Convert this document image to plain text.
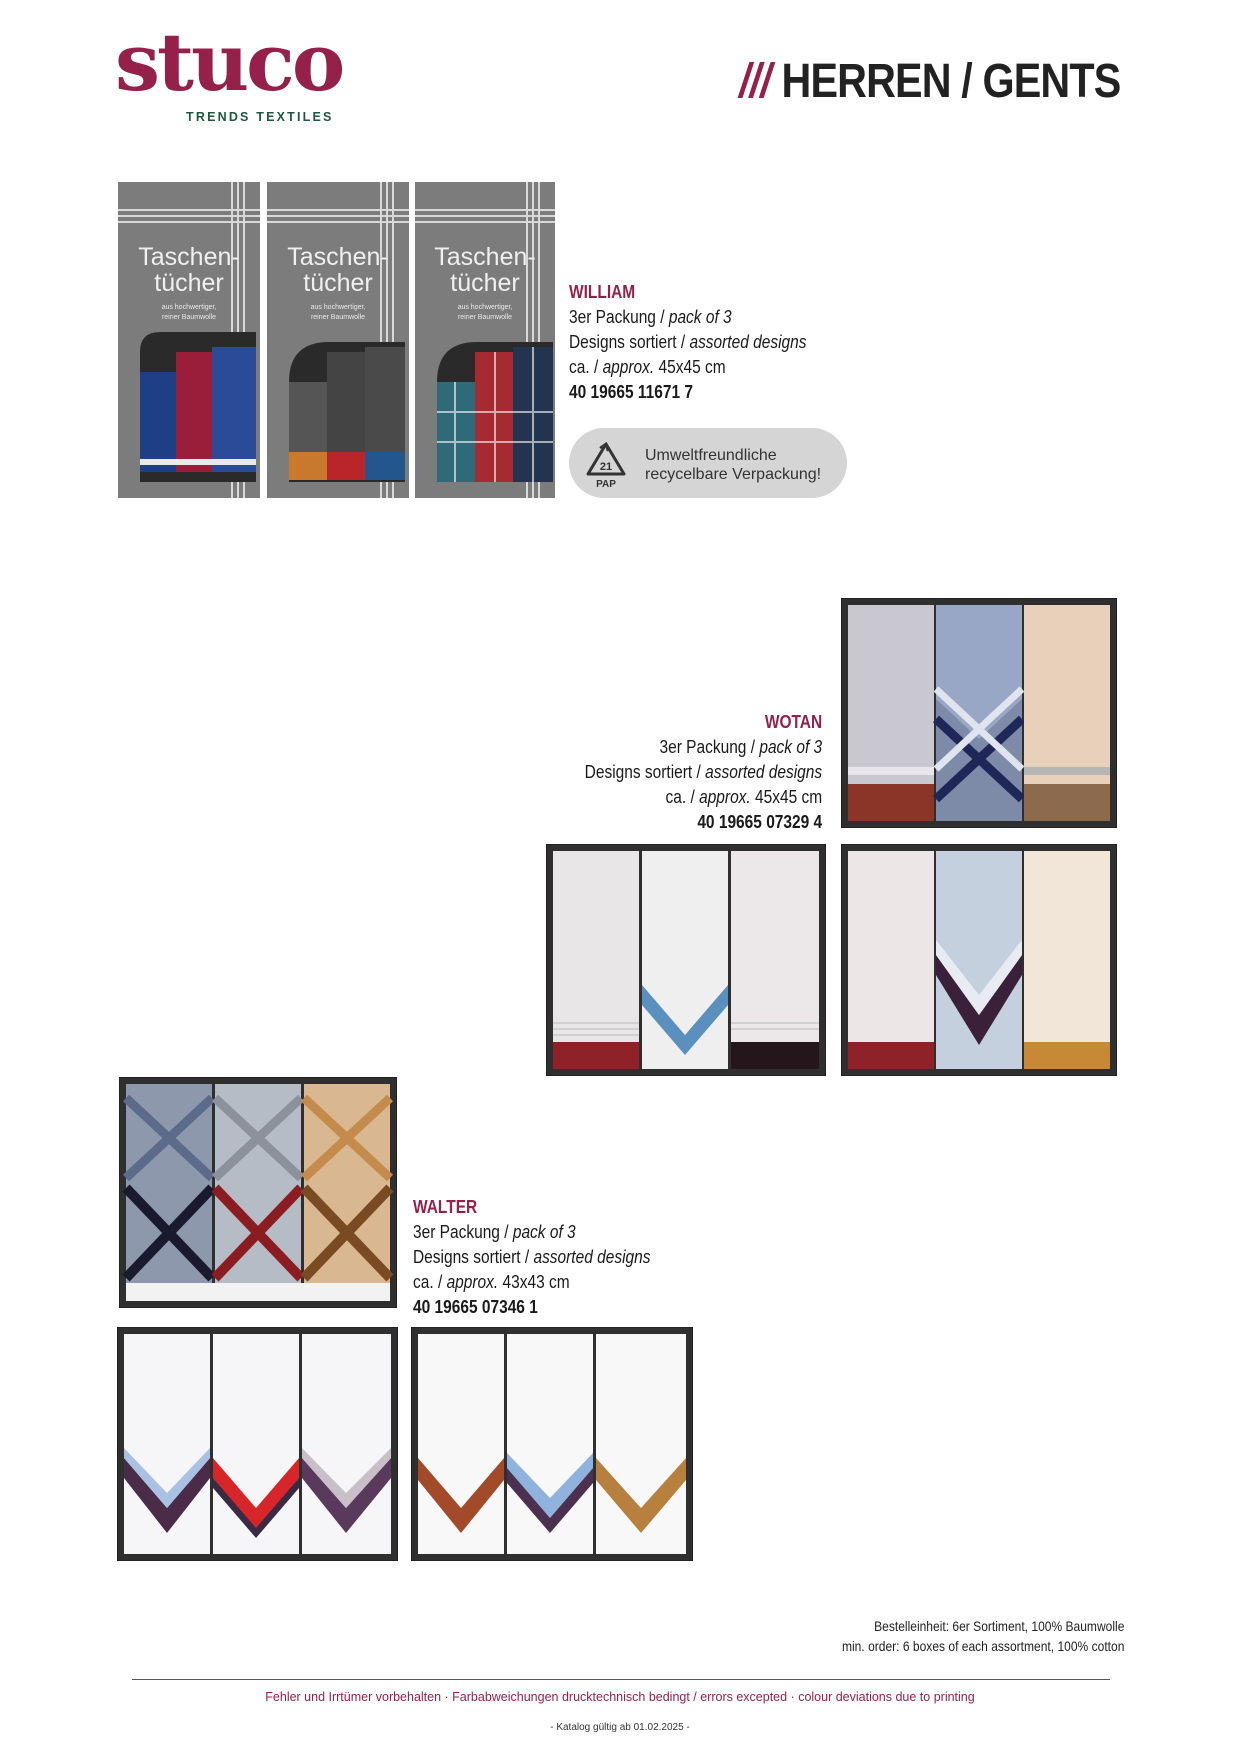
stuco
TRENDS TEXTILES
/// HERREN / GENTS
Taschen-
tücher
aus hochwertiger,
reiner Baumwolle
Taschen-
tücher
aus hochwertiger,
reiner Baumwolle
Taschen-
tücher
aus hochwertiger,
reiner Baumwolle
WILLIAM
3er Packung / pack of 3
Designs sortiert / assorted designs
ca. / approx. 45x45 cm
40 19665 11671 7
21
PAP
Umweltfreundliche
recycelbare Verpackung!
WOTAN
3er Packung / pack of 3
Designs sortiert / assorted designs
ca. / approx. 45x45 cm
40 19665 07329 4
WALTER
3er Packung / pack of 3
Designs sortiert / assorted designs
ca. / approx. 43x43 cm
40 19665 07346 1
Bestelleinheit: 6er Sortiment, 100% Baumwolle
min. order: 6 boxes of each assortment, 100% cotton
Fehler und Irrtümer vorbehalten · Farbabweichungen drucktechnisch bedingt / errors excepted · colour deviations due to printing
- Katalog gültig ab 01.02.2025 -
